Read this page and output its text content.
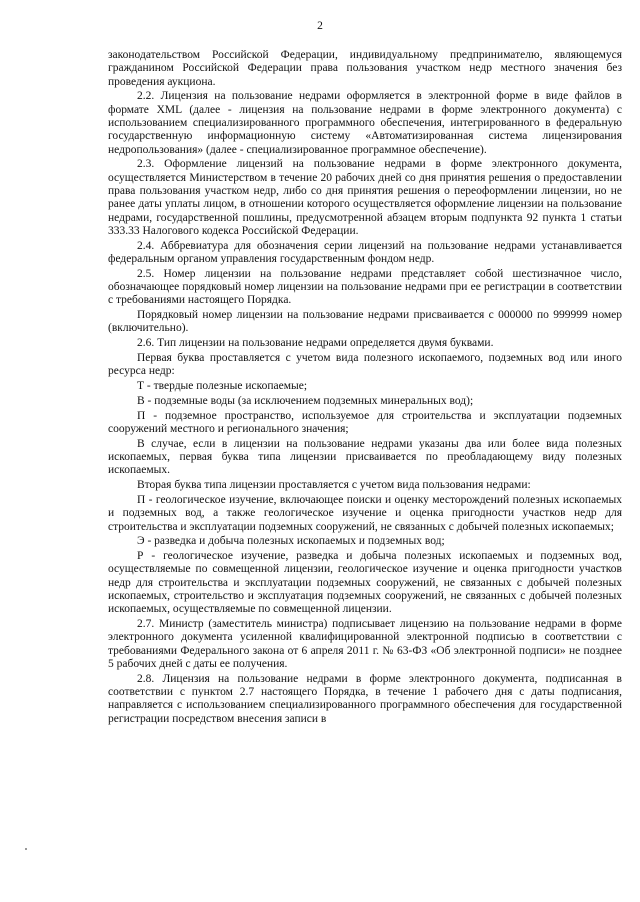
2

законодательством Российской Федерации, индивидуальному предпринимателю, являющемуся гражданином Российской Федерации права пользования участком недр местного значения без проведения аукциона.

2.2. Лицензия на пользование недрами оформляется в электронной форме в виде файлов в формате XML (далее - лицензия на пользование недрами в форме электронного документа) с использованием специализированного программного обеспечения, интегрированного в федеральную государственную информационную систему «Автоматизированная система лицензирования недропользования» (далее - специализированное программное обеспечение).

2.3. Оформление лицензий на пользование недрами в форме электронного документа, осуществляется Министерством в течение 20 рабочих дней со дня принятия решения о предоставлении права пользования участком недр, либо со дня принятия решения о переоформлении лицензии, но не ранее даты уплаты лицом, в отношении которого осуществляется оформление лицензии на пользование недрами, государственной пошлины, предусмотренной абзацем вторым подпункта 92 пункта 1 статьи 333.33 Налогового кодекса Российской Федерации.

2.4. Аббревиатура для обозначения серии лицензий на пользование недрами устанавливается федеральным органом управления государственным фондом недр.

2.5. Номер лицензии на пользование недрами представляет собой шестизначное число, обозначающее порядковый номер лицензии на пользование недрами при ее регистрации в соответствии с требованиями настоящего Порядка.

Порядковый номер лицензии на пользование недрами присваивается с 000000 по 999999 номер (включительно).

2.6. Тип лицензии на пользование недрами определяется двумя буквами.

Первая буква проставляется с учетом вида полезного ископаемого, подземных вод или иного ресурса недр:

Т - твердые полезные ископаемые;

В - подземные воды (за исключением подземных минеральных вод);

П - подземное пространство, используемое для строительства и эксплуатации подземных сооружений местного и регионального значения;

В случае, если в лицензии на пользование недрами указаны два или более вида полезных ископаемых, первая буква типа лицензии присваивается по преобладающему виду полезных ископаемых.

Вторая буква типа лицензии проставляется с учетом вида пользования недрами:

П - геологическое изучение, включающее поиски и оценку месторождений полезных ископаемых и подземных вод, а также геологическое изучение и оценка пригодности участков недр для строительства и эксплуатации подземных сооружений, не связанных с добычей полезных ископаемых;

Э - разведка и добыча полезных ископаемых и подземных вод;

Р - геологическое изучение, разведка и добыча полезных ископаемых и подземных вод, осуществляемые по совмещенной лицензии, геологическое изучение и оценка пригодности участков недр для строительства и эксплуатации подземных сооружений, не связанных с добычей полезных ископаемых, строительство и эксплуатация подземных сооружений, не связанных с добычей полезных ископаемых, осуществляемые по совмещенной лицензии.

2.7. Министр (заместитель министра) подписывает лицензию на пользование недрами в форме электронного документа усиленной квалифицированной электронной подписью в соответствии с требованиями Федерального закона от 6 апреля 2011 г. № 63-ФЗ «Об электронной подписи» не позднее 5 рабочих дней с даты ее получения.

2.8. Лицензия на пользование недрами в форме электронного документа, подписанная в соответствии с пунктом 2.7 настоящего Порядка, в течение 1 рабочего дня с даты подписания, направляется с использованием специализированного программного обеспечения для государственной регистрации посредством внесения записи в
